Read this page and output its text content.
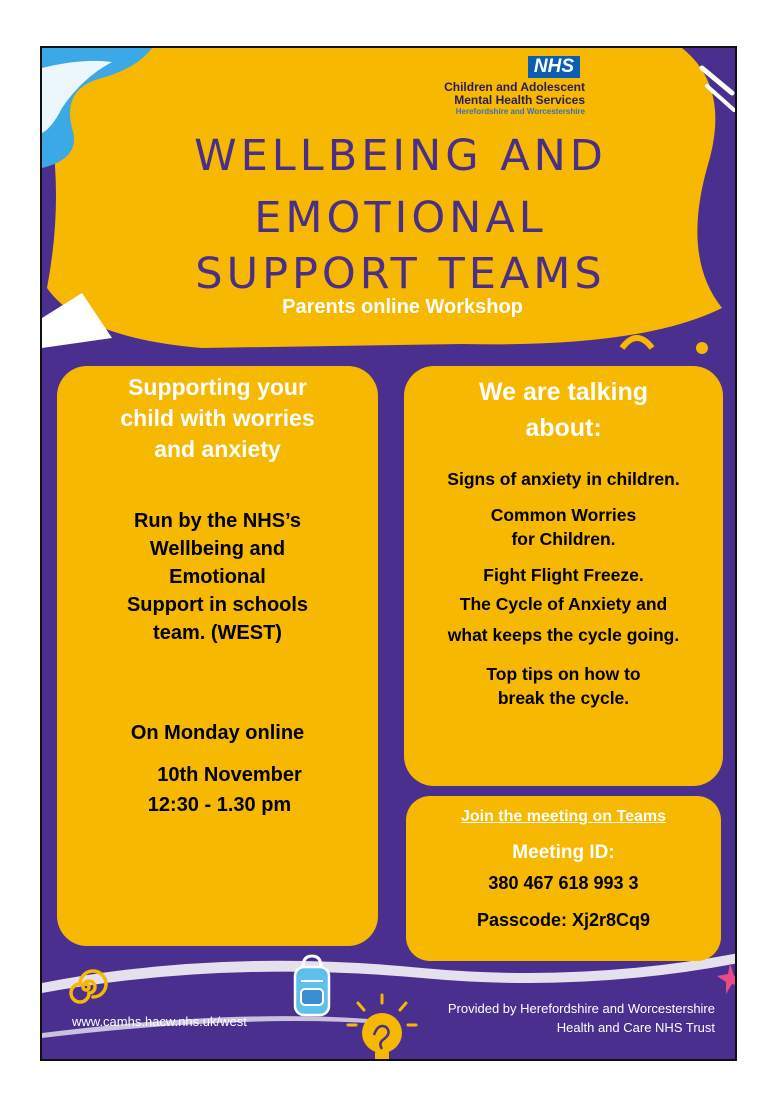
NHS
Children and Adolescent
Mental Health Services
Herefordshire and Worcestershire
WELLBEING AND
EMOTIONAL
SUPPORT TEAMS
Parents online Workshop
Supporting your
child with worries
and anxiety
Run by the NHS’s
Wellbeing and
Emotional
Support in schools
team. (WEST)
On Monday online
10th November
12:30 - 1.30 pm
We are talking
about:
Signs of anxiety in children.
Common Worries
for Children.
Fight Flight Freeze.
The Cycle of Anxiety and
what keeps the cycle going.
Top tips on how to
break the cycle.
Join the meeting on Teams
Meeting ID:
380 467 618 993 3
Passcode: Xj2r8Cq9
www.camhs.hacw.nhs.uk/west
Provided by Herefordshire and Worcestershire
Health and Care NHS Trust
